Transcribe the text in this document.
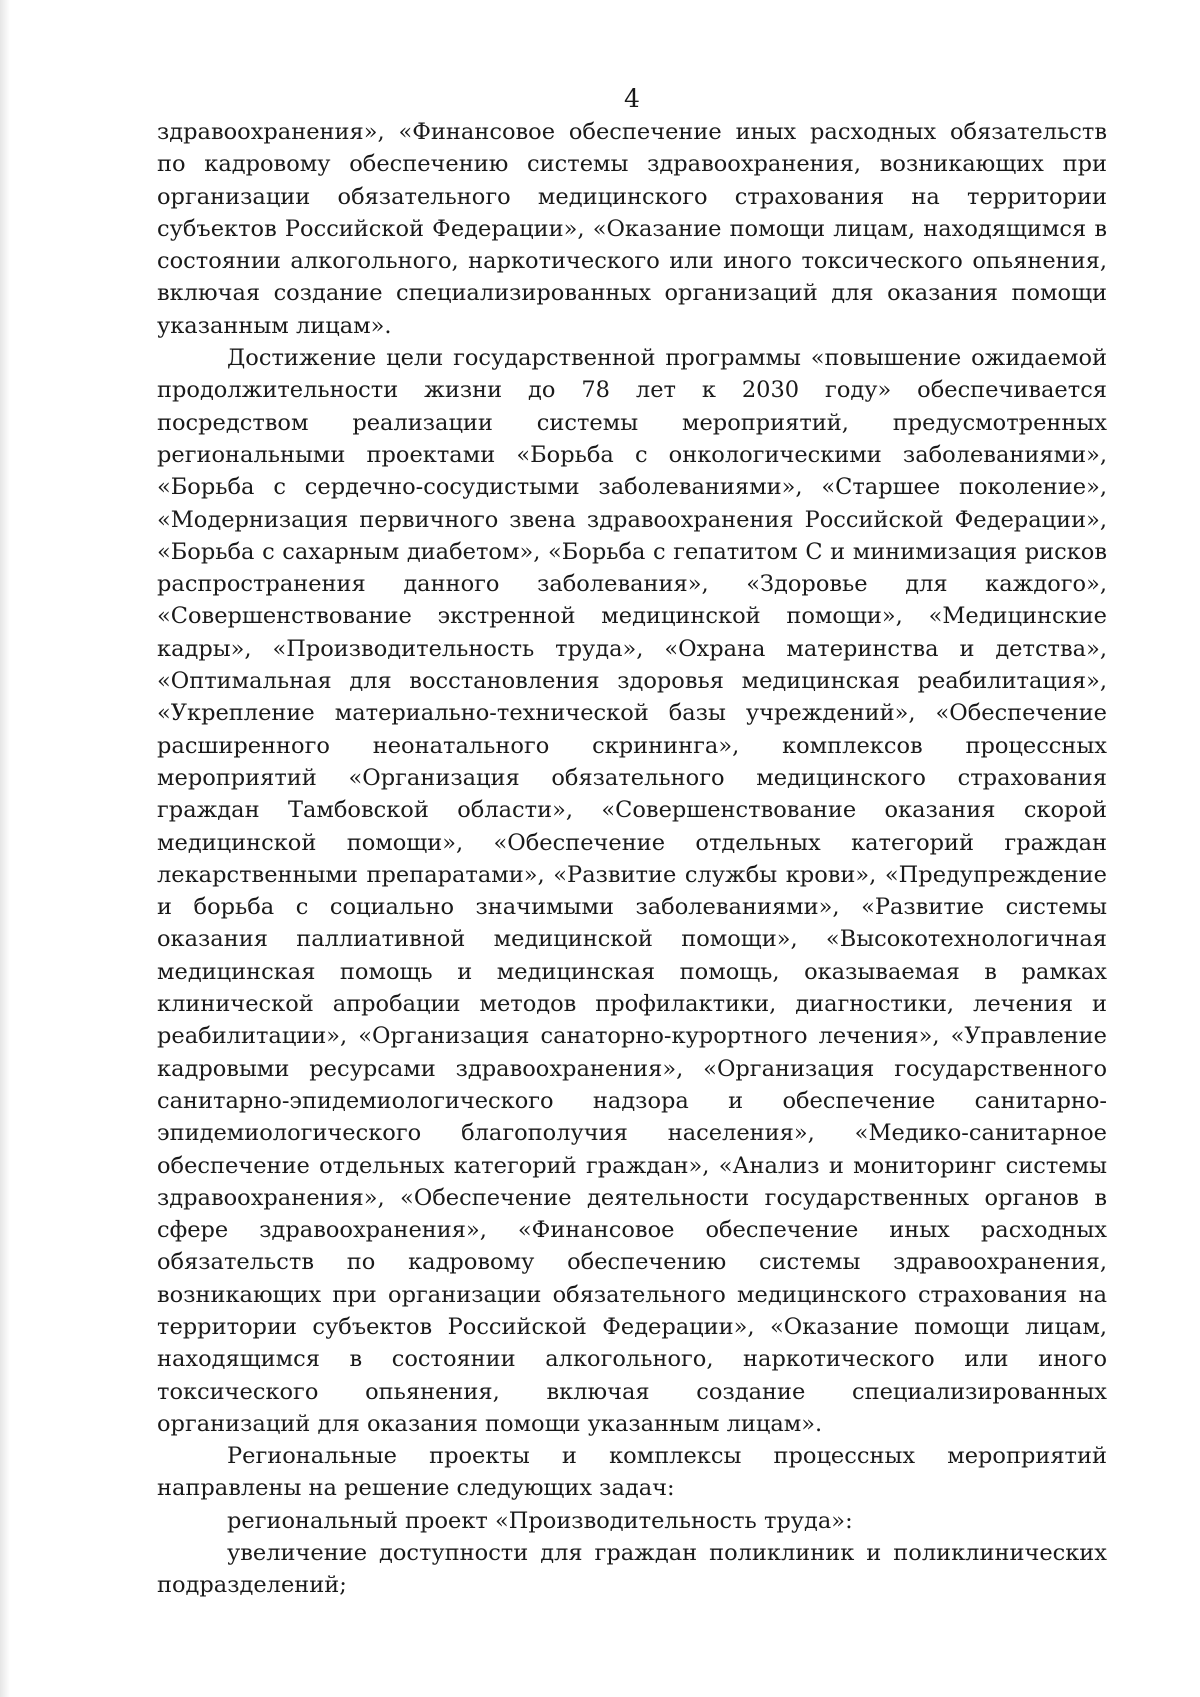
4

здравоохранения», «Финансовое обеспечение иных расходных обязательств по кадровому обеспечению системы здравоохранения, возникающих при организации обязательного медицинского страхования на территории субъектов Российской Федерации», «Оказание помощи лицам, находящимся в состоянии алкогольного, наркотического или иного токсического опьянения, включая создание специализированных организаций для оказания помощи указанным лицам».

Достижение цели государственной программы «повышение ожидаемой продолжительности жизни до 78 лет к 2030 году» обеспечивается посредством реализации системы мероприятий, предусмотренных региональными проектами «Борьба с онкологическими заболеваниями», «Борьба с сердечно-сосудистыми заболеваниями», «Старшее поколение», «Модернизация первичного звена здравоохранения Российской Федерации», «Борьба с сахарным диабетом», «Борьба с гепатитом С и минимизация рисков распространения данного заболевания», «Здоровье для каждого», «Совершенствование экстренной медицинской помощи», «Медицинские кадры», «Производительность труда», «Охрана материнства и детства», «Оптимальная для восстановления здоровья медицинская реабилитация», «Укрепление материально-технической базы учреждений», «Обеспечение расширенного неонатального скрининга», комплексов процессных мероприятий «Организация обязательного медицинского страхования граждан Тамбовской области», «Совершенствование оказания скорой медицинской помощи», «Обеспечение отдельных категорий граждан лекарственными препаратами», «Развитие службы крови», «Предупреждение и борьба с социально значимыми заболеваниями», «Развитие системы оказания паллиативной медицинской помощи», «Высокотехнологичная медицинская помощь и медицинская помощь, оказываемая в рамках клинической апробации методов профилактики, диагностики, лечения и реабилитации», «Организация санаторно-курортного лечения», «Управление кадровыми ресурсами здравоохранения», «Организация государственного санитарно-эпидемиологического надзора и обеспечение санитарно-эпидемиологического благополучия населения», «Медико-санитарное обеспечение отдельных категорий граждан», «Анализ и мониторинг системы здравоохранения», «Обеспечение деятельности государственных органов в сфере здравоохранения», «Финансовое обеспечение иных расходных обязательств по кадровому обеспечению системы здравоохранения, возникающих при организации обязательного медицинского страхования на территории субъектов Российской Федерации», «Оказание помощи лицам, находящимся в состоянии алкогольного, наркотического или иного токсического опьянения, включая создание специализированных организаций для оказания помощи указанным лицам».

Региональные проекты и комплексы процессных мероприятий направлены на решение следующих задач:

региональный проект «Производительность труда»:

увеличение доступности для граждан поликлиник и поликлинических подразделений;
